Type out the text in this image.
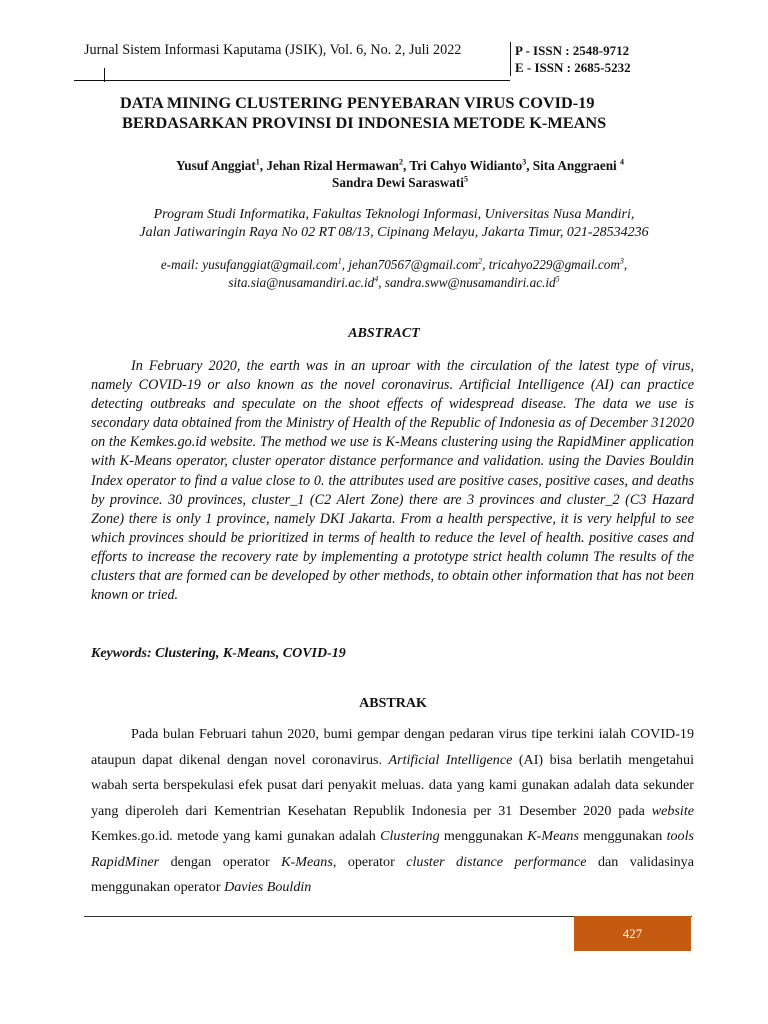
Jurnal Sistem Informasi Kaputama (JSIK), Vol. 6, No. 2, Juli 2022	P - ISSN : 2548-9712
E - ISSN : 2685-5232
DATA MINING CLUSTERING PENYEBARAN VIRUS COVID-19
BERDASARKAN PROVINSI DI INDONESIA METODE K-MEANS
Yusuf Anggiat$^1$, Jehan Rizal Hermawan$^2$, Tri Cahyo Widianto$^3$, Sita Anggraeni $^4$
Sandra Dewi Saraswati$^5$
Program Studi Informatika, Fakultas Teknologi Informasi, Universitas Nusa Mandiri,
Jalan Jatiwaringin Raya No 02 RT 08/13, Cipinang Melayu, Jakarta Timur, 021-28534236
e-mail: yusufanggiat@gmail.com$^1$, jehan70567@gmail.com$^2$, tricahyo229@gmail.com$^3$,
$sita.sia@nusamandiri.ac.id^4$, $sandra.sww@nusamandiri.ac.id^5$
ABSTRACT

In February 2020, the earth was in an uproar with the circulation of the latest type of virus, namely COVID-19 or also known as the novel coronavirus. Artificial Intelligence (AI) can practice detecting outbreaks and speculate on the shoot effects of widespread disease. The data we use is secondary data obtained from the Ministry of Health of the Republic of Indonesia as of December 312020 on the Kemkes.go.id website. The method we use is K-Means clustering using the RapidMiner application with K-Means operator, cluster operator distance performance and validation. using the Davies Bouldin Index operator to find a value close to 0. the attributes used are positive cases, positive cases, and deaths by province. 30 provinces, cluster_1 (C2 Alert Zone) there are 3 provinces and cluster_2 (C3 Hazard Zone) there is only 1 province, namely DKI Jakarta. From a health perspective, it is very helpful to see which provinces should be prioritized in terms of health to reduce the level of health. positive cases and efforts to increase the recovery rate by implementing a prototype strict health column The results of the clusters that are formed can be developed by other methods, to obtain other information that has not been known or tried.

Keywords: Clustering, K-Means, COVID-19
ABSTRAK

Pada bulan Februari tahun 2020, bumi gempar dengan pedaran virus tipe terkini ialah COVID-19 ataupun dapat dikenal dengan novel coronavirus. Artificial Intelligence (AI) bisa berlatih mengetahui wabah serta berspekulasi efek pusat dari penyakit meluas. data yang kami gunakan adalah data sekunder yang diperoleh dari Kementrian Kesehatan Republik Indonesia per 31 Desember 2020 pada website Kemkes.go.id. metode yang kami gunakan adalah Clustering menggunakan K-Means menggunakan tools RapidMiner dengan operator K-Means, operator cluster distance performance dan validasinya menggunakan operator Davies Bouldin

427
